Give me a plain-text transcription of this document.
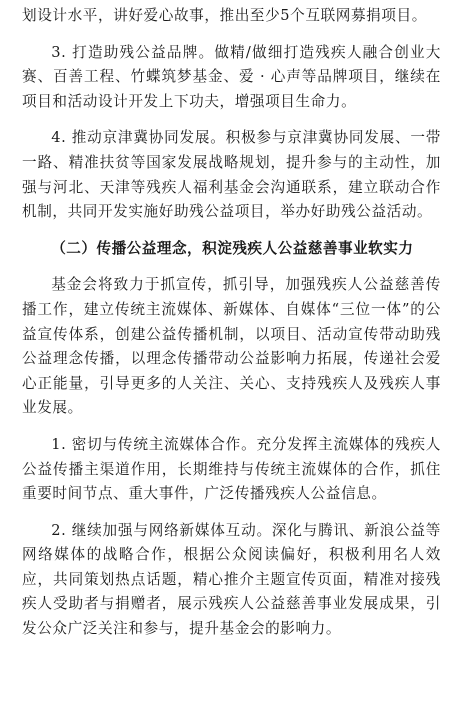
划设计水平，讲好爱心故事，推出至少5个互联网募捐项目。

3. 打造助残公益品牌。做精/做细打造残疾人融合创业大赛、百善工程、竹蝶筑梦基金、爱 · 心声等品牌项目，继续在项目和活动设计开发上下功夫，增强项目生命力。

4. 推动京津冀协同发展。积极参与京津冀协同发展、一带一路、精准扶贫等国家发展战略规划，提升参与的主动性，加强与河北、天津等残疾人福利基金会沟通联系，建立联动合作机制，共同开发实施好助残公益项目，举办好助残公益活动。

（二）传播公益理念，积淀残疾人公益慈善事业软实力

基金会将致力于抓宣传，抓引导，加强残疾人公益慈善传播工作，建立传统主流媒体、新媒体、自媒体“三位一体”的公益宣传体系，创建公益传播机制，以项目、活动宣传带动助残公益理念传播，以理念传播带动公益影响力拓展，传递社会爱心正能量，引导更多的人关注、关心、支持残疾人及残疾人事业发展。

1. 密切与传统主流媒体合作。充分发挥主流媒体的残疾人公益传播主渠道作用，长期维持与传统主流媒体的合作，抓住重要时间节点、重大事件，广泛传播残疾人公益信息。

2. 继续加强与网络新媒体互动。深化与腾讯、新浪公益等网络媒体的战略合作，根据公众阅读偏好，积极利用名人效应，共同策划热点话题，精心推介主题宣传页面，精准对接残疾人受助者与捐赠者，展示残疾人公益慈善事业发展成果，引发公众广泛关注和参与，提升基金会的影响力。
